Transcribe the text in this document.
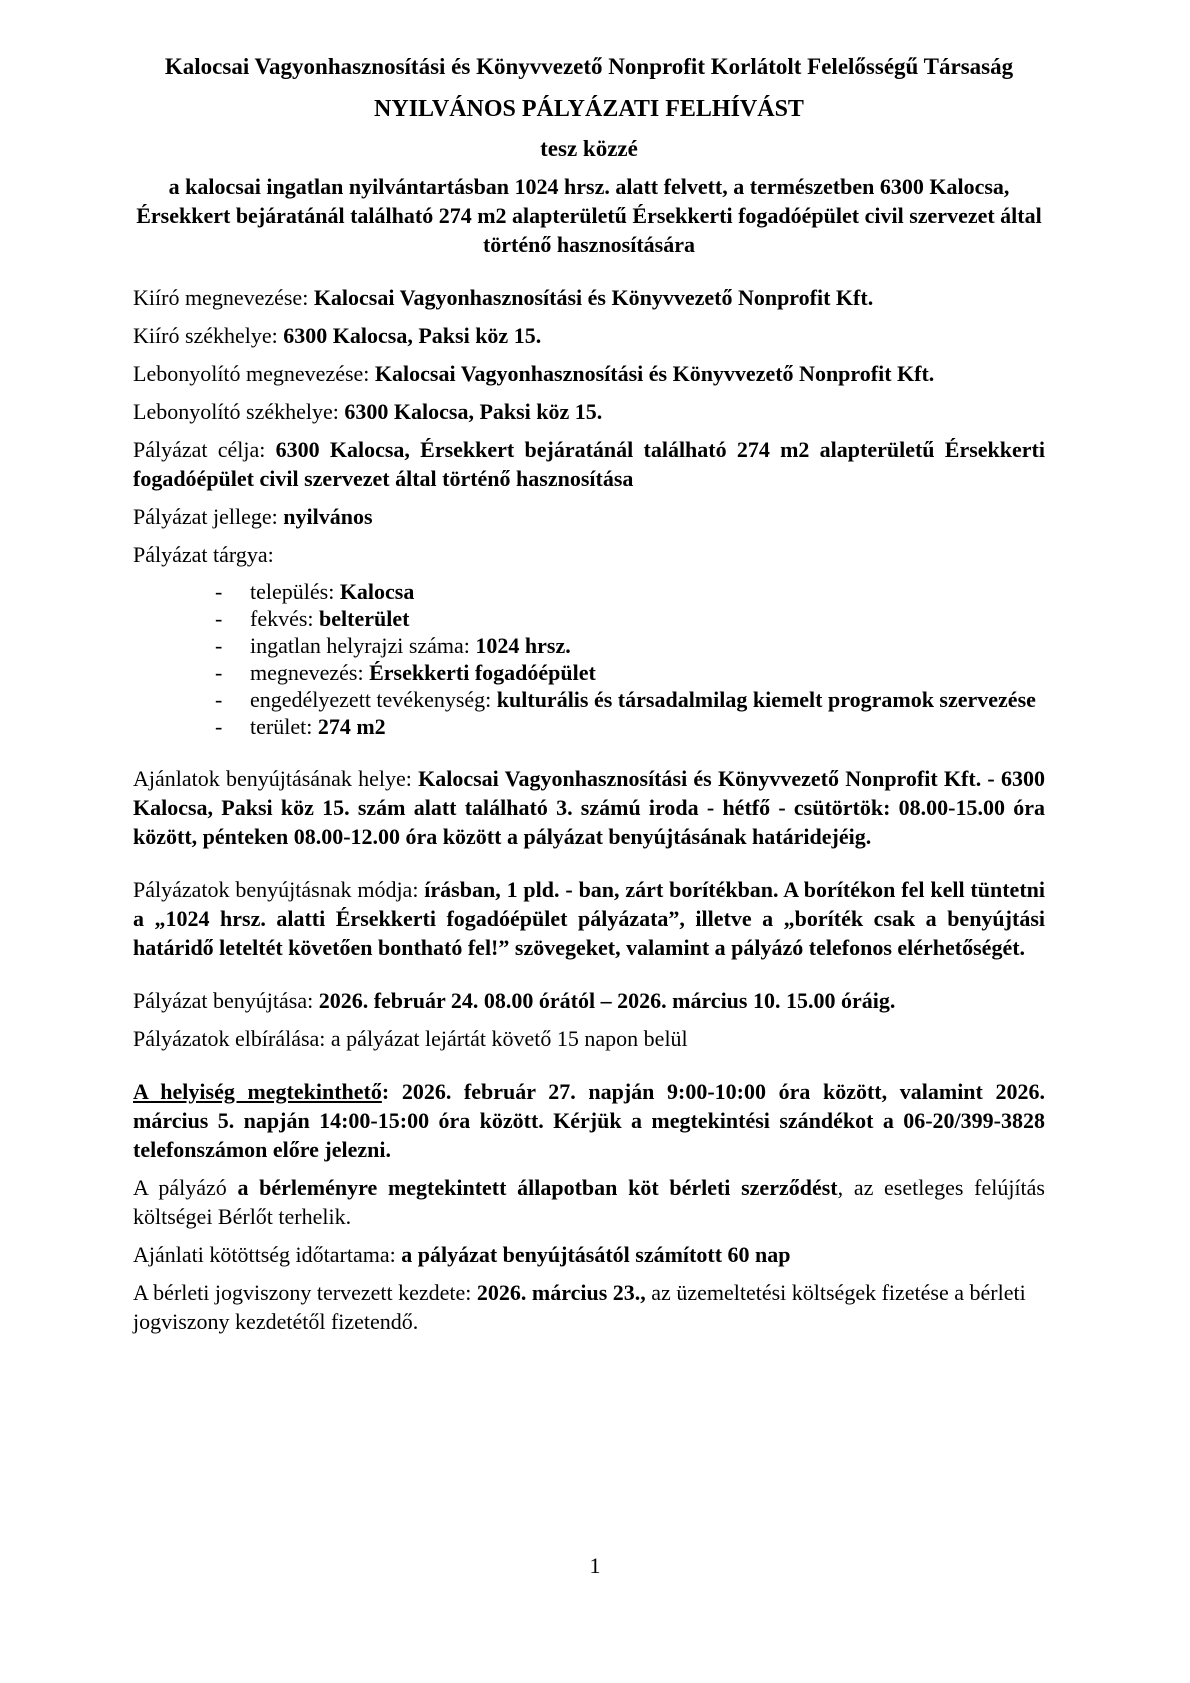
Kalocsai Vagyonhasznosítási és Könyvvezető Nonprofit Korlátolt Felelősségű Társaság

NYILVÁNOS PÁLYÁZATI FELHÍVÁST

tesz közzé

a kalocsai ingatlan nyilvántartásban 1024 hrsz. alatt felvett, a természetben 6300 Kalocsa, Érsekkert bejáratánál található 274 m2 alapterületű Érsekkerti fogadóépület civil szervezet által történő hasznosítására

Kiíró megnevezése: Kalocsai Vagyonhasznosítási és Könyvvezető Nonprofit Kft.

Kiíró székhelye: 6300 Kalocsa, Paksi köz 15.

Lebonyolító megnevezése: Kalocsai Vagyonhasznosítási és Könyvvezető Nonprofit Kft.

Lebonyolító székhelye: 6300 Kalocsa, Paksi köz 15.

Pályázat célja: 6300 Kalocsa, Érsekkert bejáratánál található 274 m2 alapterületű Érsekkerti fogadóépület civil szervezet által történő hasznosítása

Pályázat jellege: nyilvános

Pályázat tárgya:

-	település: Kalocsa
-	fekvés: belterület
-	ingatlan helyrajzi száma: 1024 hrsz.
-	megnevezés: Érsekkerti fogadóépület
-	engedélyezett tevékenység: kulturális és társadalmilag kiemelt programok szervezése
-	terület: 274 m2

Ajánlatok benyújtásának helye: Kalocsai Vagyonhasznosítási és Könyvvezető Nonprofit Kft. - 6300 Kalocsa, Paksi köz 15. szám alatt található 3. számú iroda - hétfő - csütörtök: 08.00-15.00 óra között, pénteken 08.00-12.00 óra között a pályázat benyújtásának határidejéig.

Pályázatok benyújtásnak módja: írásban, 1 pld. - ban, zárt borítékban. A borítékon fel kell tüntetni a „1024 hrsz. alatti Érsekkerti fogadóépület pályázata”, illetve a „boríték csak a benyújtási határidő leteltét követően bontható fel!” szövegeket, valamint a pályázó telefonos elérhetőségét.

Pályázat benyújtása: 2026. február 24. 08.00 órától – 2026. március 10. 15.00 óráig.

Pályázatok elbírálása: a pályázat lejártát követő 15 napon belül

A helyiség megtekinthető: 2026. február 27. napján 9:00-10:00 óra között, valamint 2026. március 5. napján 14:00-15:00 óra között. Kérjük a megtekintési szándékot a 06-20/399-3828 telefonszámon előre jelezni.

A pályázó a bérleményre megtekintett állapotban köt bérleti szerződést, az esetleges felújítás költségei Bérlőt terhelik.

Ajánlati kötöttség időtartama: a pályázat benyújtásától számított 60 nap

A bérleti jogviszony tervezett kezdete: 2026. március 23., az üzemeltetési költségek fizetése a bérleti jogviszony kezdetétől fizetendő.

1
